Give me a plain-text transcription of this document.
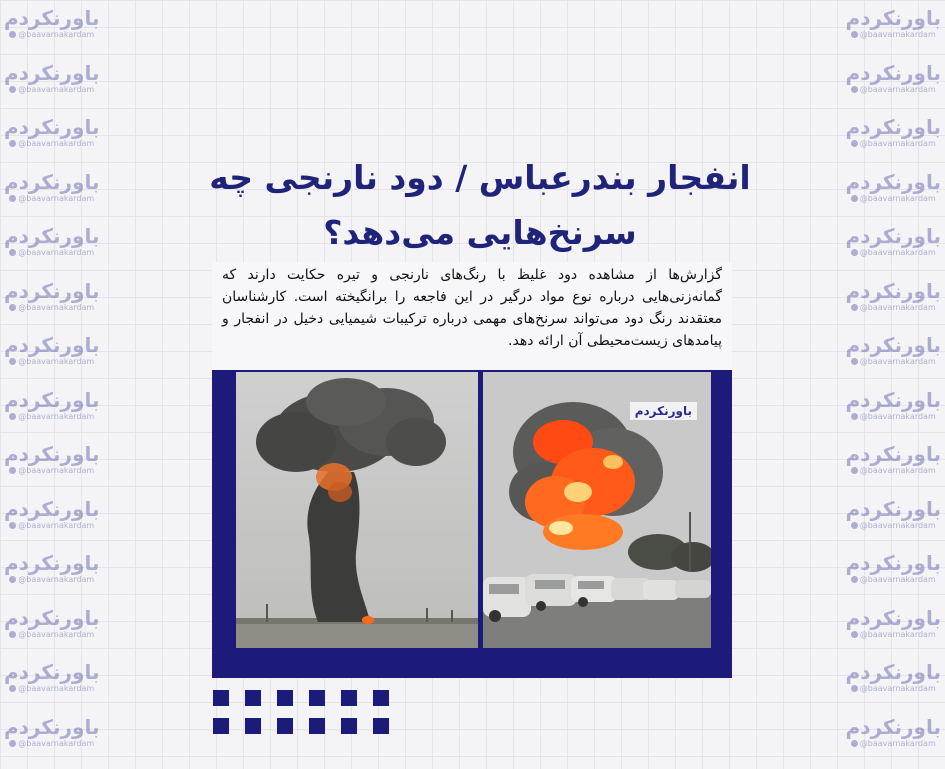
باورنکردم
@baavarnakardam
باورنکردم
@baavarnakardam
باورنکردم
@baavarnakardam
باورنکردم
@baavarnakardam
باورنکردم
@baavarnakardam
باورنکردم
@baavarnakardam
باورنکردم
@baavarnakardam
باورنکردم
@baavarnakardam
باورنکردم
@baavarnakardam
باورنکردم
@baavarnakardam
باورنکردم
@baavarnakardam
باورنکردم
@baavarnakardam
باورنکردم
@baavarnakardam
باورنکردم
@baavarnakardam
باورنکردم
@baavarnakardam
باورنکردم
@baavarnakardam
باورنکردم
@baavarnakardam
باورنکردم
@baavarnakardam
باورنکردم
@baavarnakardam
باورنکردم
@baavarnakardam
باورنکردم
@baavarnakardam
باورنکردم
@baavarnakardam
باورنکردم
@baavarnakardam
باورنکردم
@baavarnakardam
باورنکردم
@baavarnakardam
باورنکردم
@baavarnakardam
باورنکردم
@baavarnakardam
باورنکردم
@baavarnakardam
انفجار بندرعباس / دود نارنجی چه
سرنخ‌هایی می‌دهد؟

گزارش‌ها از مشاهده دود غلیظ با رنگ‌های نارنجی و تیره حکایت دارند که گمانه‌زنی‌هایی درباره نوع مواد درگیر در این فاجعه را برانگیخته است. کارشناسان معتقدند رنگ دود می‌تواند سرنخ‌های مهمی درباره ترکیبات شیمیایی دخیل در انفجار و پیامدهای زیست‌محیطی آن ارائه دهد.

باورنکردم
